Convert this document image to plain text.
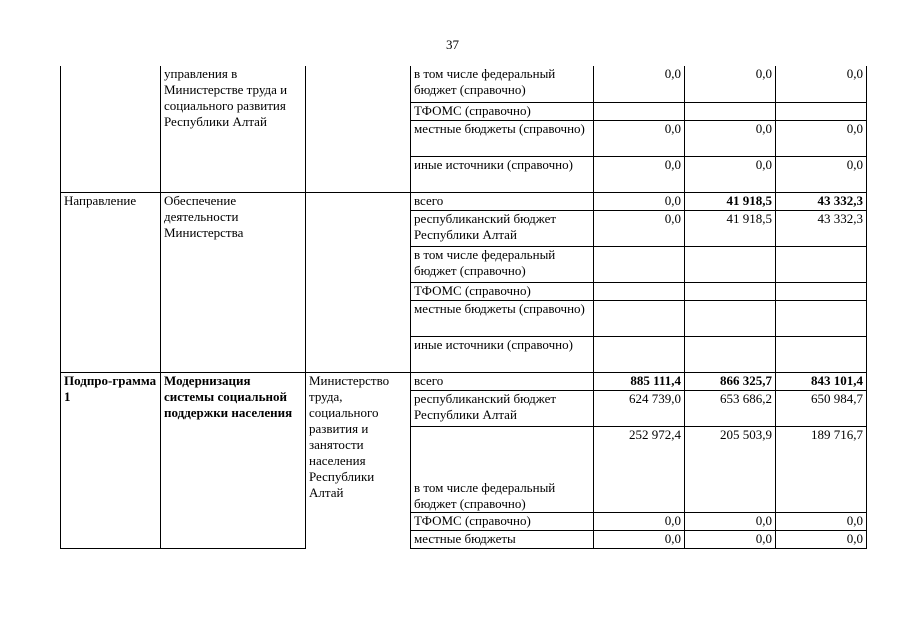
37
	управления в Министерстве труда и социального развития Республики Алтай		в том числе федеральный бюджет (справочно)	0,0	0,0	0,0
			ТФОМС (справочно)			
			местные бюджеты (справочно)	0,0	0,0	0,0
			иные источники (справочно)	0,0	0,0	0,0
Направление	Обеспечение деятельности Министерства		всего	0,0	41 918,5	43 332,3
			республиканский бюджет Республики Алтай	0,0	41 918,5	43 332,3
			в том числе федеральный бюджет (справочно)			
			ТФОМС (справочно)			
			местные бюджеты (справочно)			
			иные источники (справочно)			
Подпро-грамма 1	Модернизация системы социальной поддержки населения	Министерство труда, социального развития и занятости населения Республики Алтай	всего	885 111,4	866 325,7	843 101,4
			республиканский бюджет Республики Алтай	624 739,0	653 686,2	650 984,7
			в том числе федеральный бюджет (справочно)	252 972,4	205 503,9	189 716,7
			ТФОМС (справочно)	0,0	0,0	0,0
			местные бюджеты	0,0	0,0	0,0
